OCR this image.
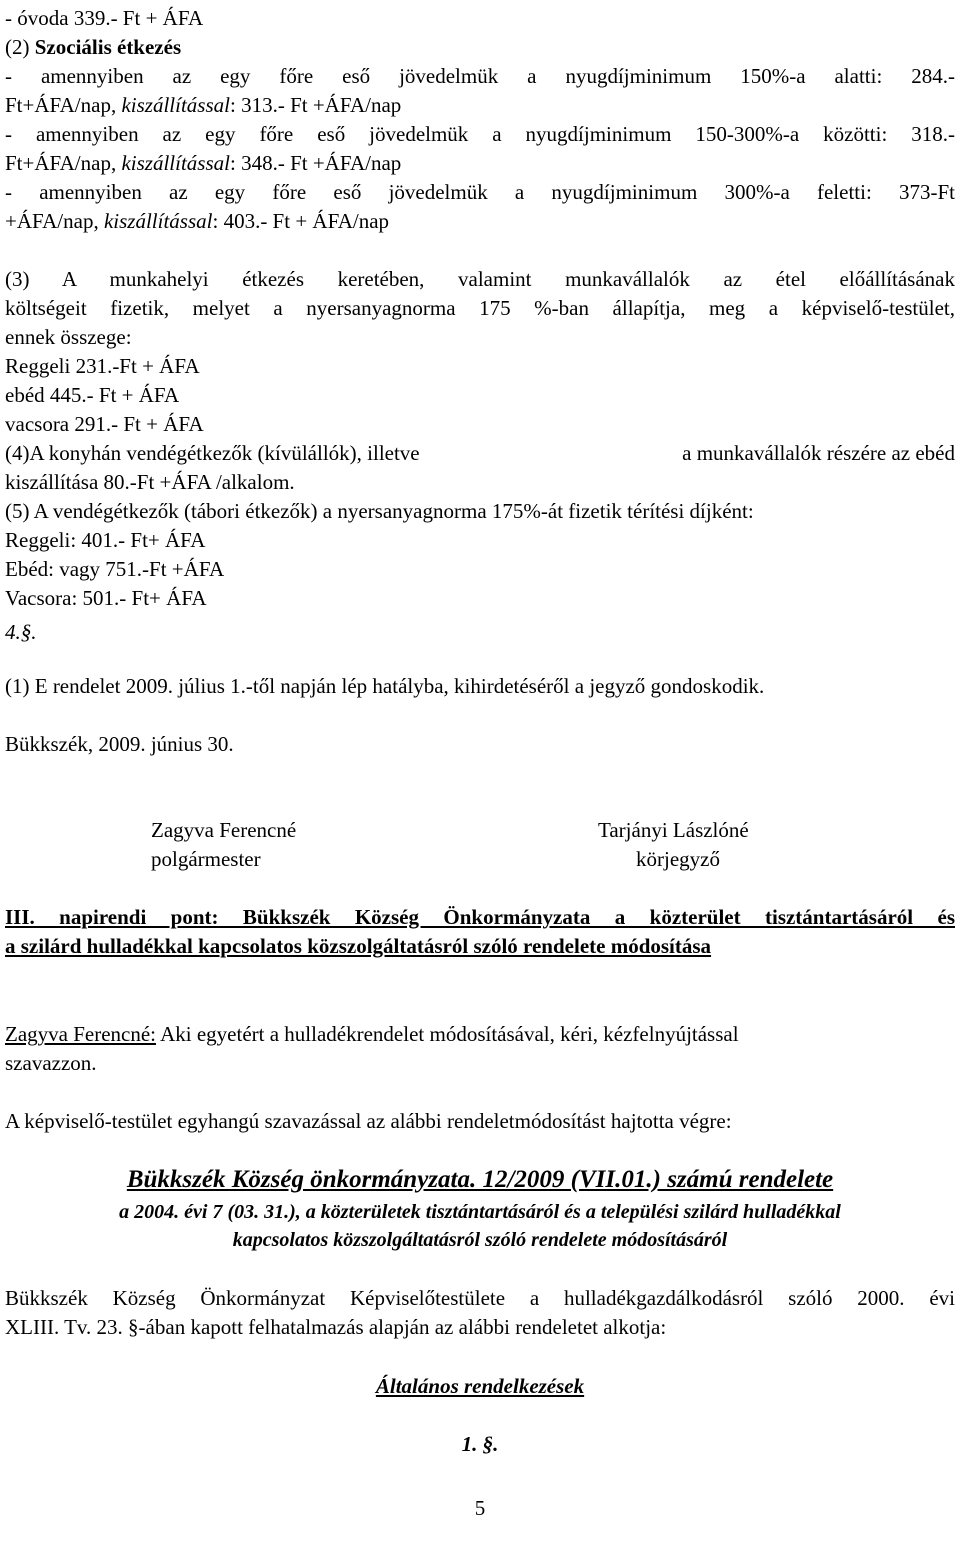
- óvoda 339.- Ft + ÁFA
(2) Szociális étkezés
- amennyiben az egy főre eső jövedelmük a nyugdíjminimum 150%-a alatti: 284.-
Ft+ÁFA/nap, kiszállítással: 313.- Ft +ÁFA/nap
- amennyiben az egy főre eső jövedelmük a nyugdíjminimum 150-300%-a közötti: 318.-
Ft+ÁFA/nap, kiszállítással: 348.- Ft +ÁFA/nap
- amennyiben az egy főre eső jövedelmük a nyugdíjminimum 300%-a feletti: 373-Ft
+ÁFA/nap, kiszállítással: 403.- Ft + ÁFA/nap
(3) A munkahelyi étkezés keretében, valamint munkavállalók az étel előállításának
költségeit fizetik, melyet a nyersanyagnorma 175 %-ban állapítja, meg a képviselő-testület,
ennek összege:
Reggeli 231.-Ft + ÁFA
ebéd 445.- Ft + ÁFA
vacsora 291.- Ft + ÁFA
(4)A konyhán vendégétkezők (kívülállók), illetve	a munkavállalók részére az ebéd
kiszállítása 80.-Ft +ÁFA /alkalom.
(5) A vendégétkezők (tábori étkezők) a nyersanyagnorma 175%-át fizetik térítési díjként:
Reggeli: 401.- Ft+ ÁFA
Ebéd: vagy 751.-Ft +ÁFA
Vacsora: 501.- Ft+ ÁFA
4.§.
(1) E rendelet 2009. július 1.-től napján lép hatályba, kihirdetéséről a jegyző gondoskodik.
Bükkszék, 2009. június 30.
Zagyva Ferencné
polgármester
Tarjányi Lászlóné
körjegyző
III. napirendi pont: Bükkszék Község Önkormányzata a közterület tisztántartásáról és
a szilárd hulladékkal kapcsolatos közszolgáltatásról szóló rendelete módosítása
Zagyva Ferencné: Aki egyetért a hulladékrendelet módosításával, kéri, kézfelnyújtással
szavazzon.
A képviselő-testület egyhangú szavazással az alábbi rendeletmódosítást hajtotta végre:
Bükkszék Község önkormányzata. 12/2009 (VII.01.) számú rendelete
a 2004. évi 7 (03. 31.), a közterületek tisztántartásáról és a települési szilárd hulladékkal
kapcsolatos közszolgáltatásról szóló rendelete módosításáról
Bükkszék Község Önkormányzat Képviselőtestülete a hulladékgazdálkodásról szóló 2000. évi
XLIII. Tv. 23. §-ában kapott felhatalmazás alapján az alábbi rendeletet alkotja:
Általános rendelkezések
1. §.
5
